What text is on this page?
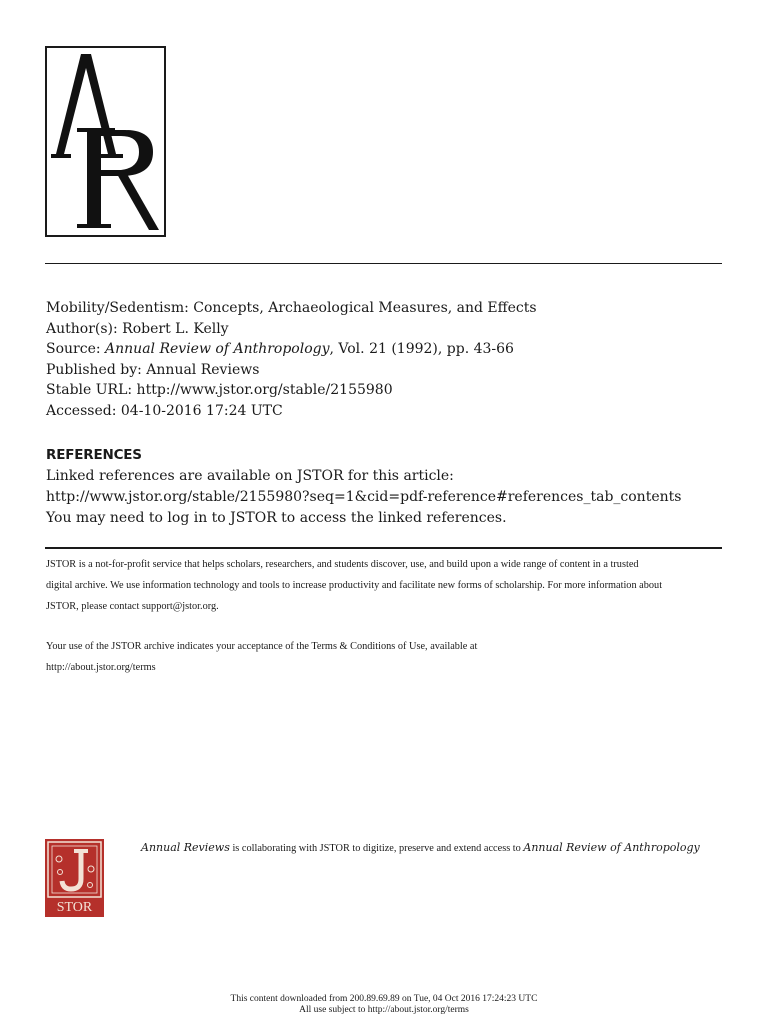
Mobility/Sedentism: Concepts, Archaeological Measures, and Effects
Author(s): Robert L. Kelly
Source: Annual Review of Anthropology, Vol. 21 (1992), pp. 43-66
Published by: Annual Reviews
Stable URL: http://www.jstor.org/stable/2155980
Accessed: 04-10-2016 17:24 UTC
REFERENCES
Linked references are available on JSTOR for this article:
http://www.jstor.org/stable/2155980?seq=1&cid=pdf-reference#references_tab_contents
You may need to log in to JSTOR to access the linked references.
JSTOR is a not-for-profit service that helps scholars, researchers, and students discover, use, and build upon a wide range of content in a trusted
digital archive. We use information technology and tools to increase productivity and facilitate new forms of scholarship. For more information about
JSTOR, please contact support@jstor.org.
Your use of the JSTOR archive indicates your acceptance of the Terms & Conditions of Use, available at
http://about.jstor.org/terms
STOR
Annual Reviews is collaborating with JSTOR to digitize, preserve and extend access to Annual Review of Anthropology
This content downloaded from 200.89.69.89 on Tue, 04 Oct 2016 17:24:23 UTC
All use subject to http://about.jstor.org/terms
